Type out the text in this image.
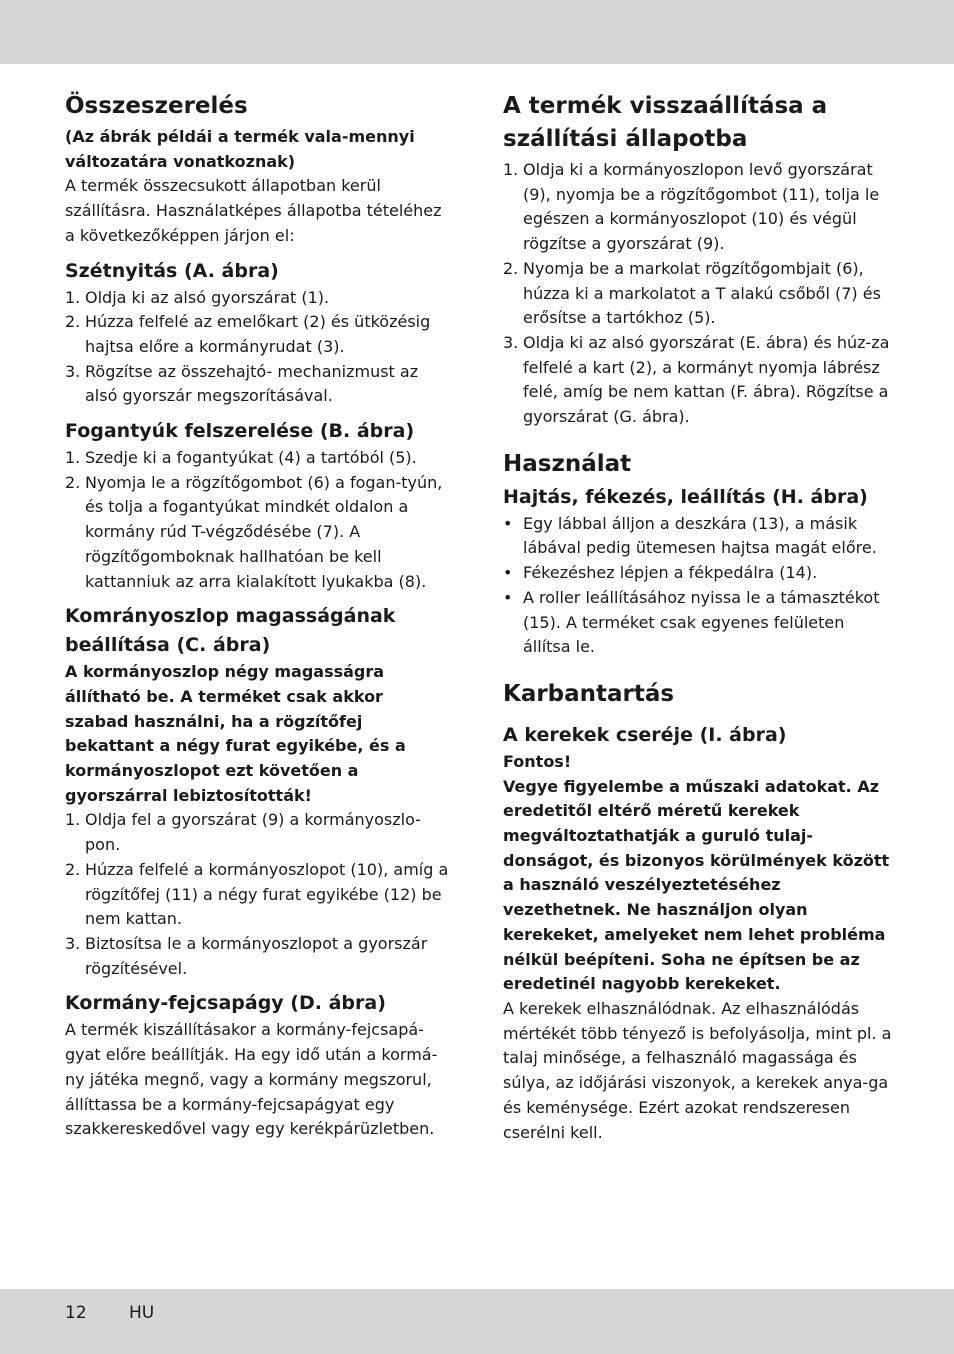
Összeszerelés

(Az ábrák példái a termék vala-mennyi változatára vonatkoznak)

A termék összecsukott állapotban kerül szállításra. Használatképes állapotba tételéhez a következőképpen járjon el:

Szétnyitás (A. ábra)
1. Oldja ki az alsó gyorszárat (1).
2. Húzza felfelé az emelőkart (2) és ütközésig hajtsa előre a kormányrudat (3).
3. Rögzítse az összehajtó- mechanizmust az alsó gyorszár megszorításával.
Fogantyúk felszerelése (B. ábra)
1. Szedje ki a fogantyúkat (4) a tartóból (5).
2. Nyomja le a rögzítőgombot (6) a fogan-tyún, és tolja a fogantyúkat mindkét oldalon a kormány rúd T-végződésébe (7). A rögzítőgomboknak hallhatóan be kell kattanniuk az arra kialakított lyukakba (8).
Komrányoszlop magasságának beállítása (C. ábra)

A kormányoszlop négy magasságra állítható be. A terméket csak akkor szabad használni, ha a rögzítőfej bekattant a négy furat egyikébe, és a kormányoszlopot ezt követően a gyorszárral lebiztosították!

1. Oldja fel a gyorszárat (9) a kormányoszlo-pon.
2. Húzza felfelé a kormányoszlopot (10), amíg a rögzítőfej (11) a négy furat egyikébe (12) be nem kattan.
3. Biztosítsa le a kormányoszlopot a gyorszár rögzítésével.
Kormány-fejcsapágy (D. ábra)

A termék kiszállításakor a kormány-fejcsapá-gyat előre beállítják. Ha egy idő után a kormá-ny játéka megnő, vagy a kormány megszorul, állíttassa be a kormány-fejcsapágyat egy szakkereskedővel vagy egy kerékpárüzletben.

A termék visszaállítása a szállítási állapotba
1. Oldja ki a kormányoszlopon levő gyorszárat (9), nyomja be a rögzítőgombot (11), tolja le egészen a kormányoszlopot (10) és végül rögzítse a gyorszárat (9).
2. Nyomja be a markolat rögzítőgombjait (6), húzza ki a markolatot a T alakú csőből (7) és erősítse a tartókhoz (5).
3. Oldja ki az alsó gyorszárat (E. ábra) és húz-za felfelé a kart (2), a kormányt nyomja lábrész felé, amíg be nem kattan (F. ábra). Rögzítse a gyorszárat (G. ábra).
Használat
Hajtás, fékezés, leállítás (H. ábra)
• Egy lábbal álljon a deszkára (13), a másik lábával pedig ütemesen hajtsa magát előre.
• Fékezéshez lépjen a fékpedálra (14).
• A roller leállításához nyissa le a támasztékot (15). A terméket csak egyenes felületen állítsa le.
Karbantartás
A kerekek cseréje (I. ábra)

Fontos!

Vegye figyelembe a műszaki adatokat. Az eredetitől eltérő méretű kerekek megváltoztathatják a guruló tulaj-donságot, és bizonyos körülmények között a használó veszélyeztetéséhez vezethetnek. Ne használjon olyan kerekeket, amelyeket nem lehet probléma nélkül beépíteni. Soha ne építsen be az eredetinél nagyobb kerekeket.

A kerekek elhasználódnak. Az elhasználódás mértékét több tényező is befolyásolja, mint pl. a talaj minősége, a felhasználó magassága és súlya, az időjárási viszonyok, a kerekek anya-ga és keménysége. Ezért azokat rendszeresen cserélni kell.

12 HU
